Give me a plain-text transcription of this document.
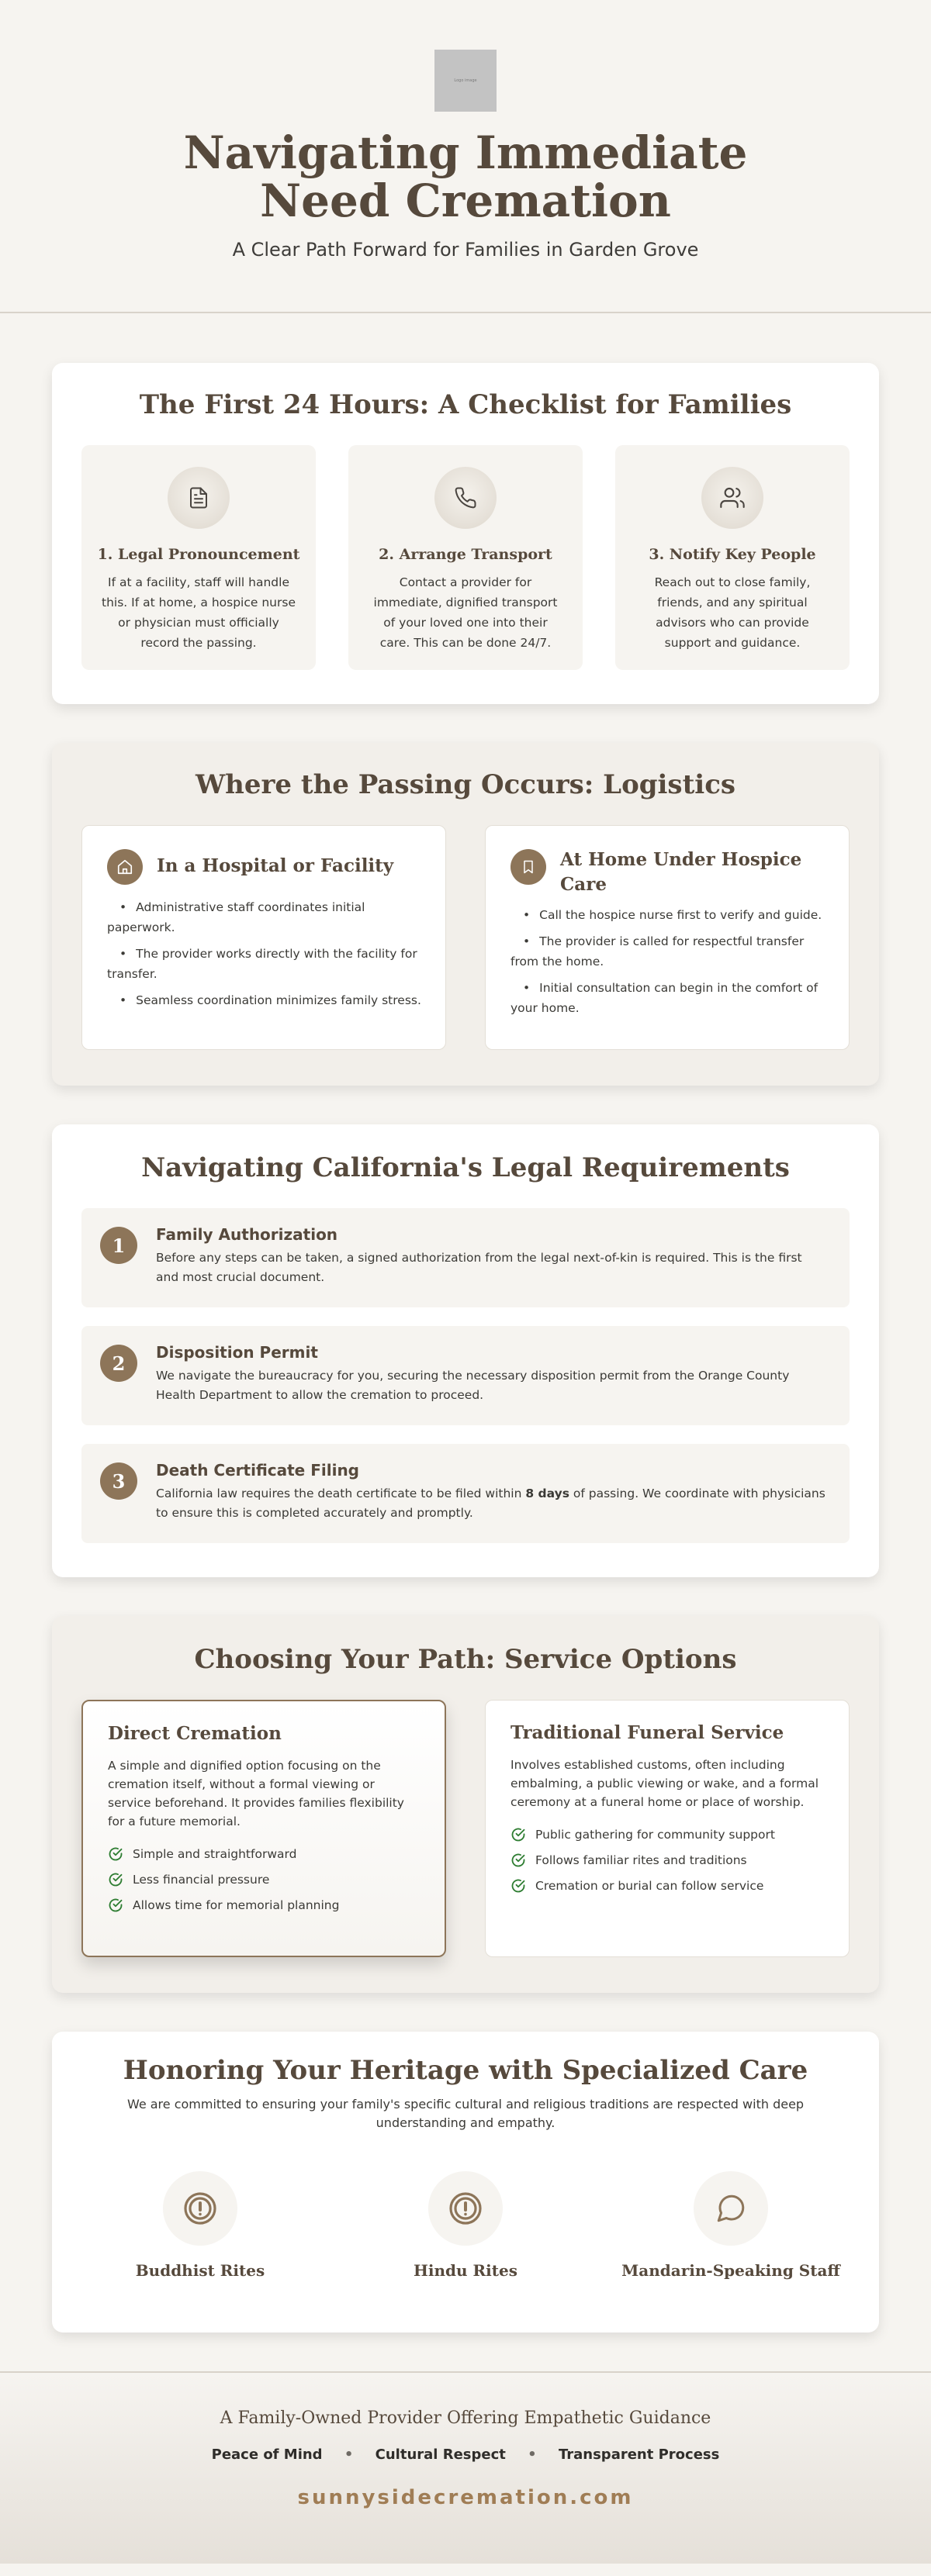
Logo image
Navigating Immediate Need Cremation

A Clear Path Forward for Families in Garden Grove

The First 24 Hours: A Checklist for Families
1. Legal Pronouncement

If at a facility, staff will handle this. If at home, a hospice nurse or physician must officially record the passing.

2. Arrange Transport

Contact a provider for immediate, dignified transport of your loved one into their care. This can be done 24/7.

3. Notify Key People

Reach out to close family, friends, and any spiritual advisors who can provide support and guidance.

Where the Passing Occurs: Logistics
In a Hospital or Facility
• Administrative staff coordinates initial paperwork.
• The provider works directly with the facility for transfer.
• Seamless coordination minimizes family stress.
At Home Under Hospice Care
• Call the hospice nurse first to verify and guide.
• The provider is called for respectful transfer from the home.
• Initial consultation can begin in the comfort of your home.
Navigating California's Legal Requirements
1	Family Authorization

Before any steps can be taken, a signed authorization from the legal next-of-kin is required. This is the first and most crucial document.

2	Disposition Permit

We navigate the bureaucracy for you, securing the necessary disposition permit from the Orange County Health Department to allow the cremation to proceed.

3	Death Certificate Filing

California law requires the death certificate to be filed within 8 days of passing. We coordinate with physicians to ensure this is completed accurately and promptly.

Choosing Your Path: Service Options
Direct Cremation

A simple and dignified option focusing on the cremation itself, without a formal viewing or service beforehand. It provides families flexibility for a future memorial.

Simple and straightforward
Less financial pressure
Allows time for memorial planning
Traditional Funeral Service

Involves established customs, often including embalming, a public viewing or wake, and a formal ceremony at a funeral home or place of worship.

Public gathering for community support
Follows familiar rites and traditions
Cremation or burial can follow service
Honoring Your Heritage with Specialized Care

We are committed to ensuring your family's specific cultural and religious traditions are respected with deep understanding and empathy.

Buddhist Rites	Hindu Rites	Mandarin-Speaking Staff
A Family-Owned Provider Offering Empathetic Guidance
Peace of Mind • Cultural Respect • Transparent Process
sunnysidecremation.com
